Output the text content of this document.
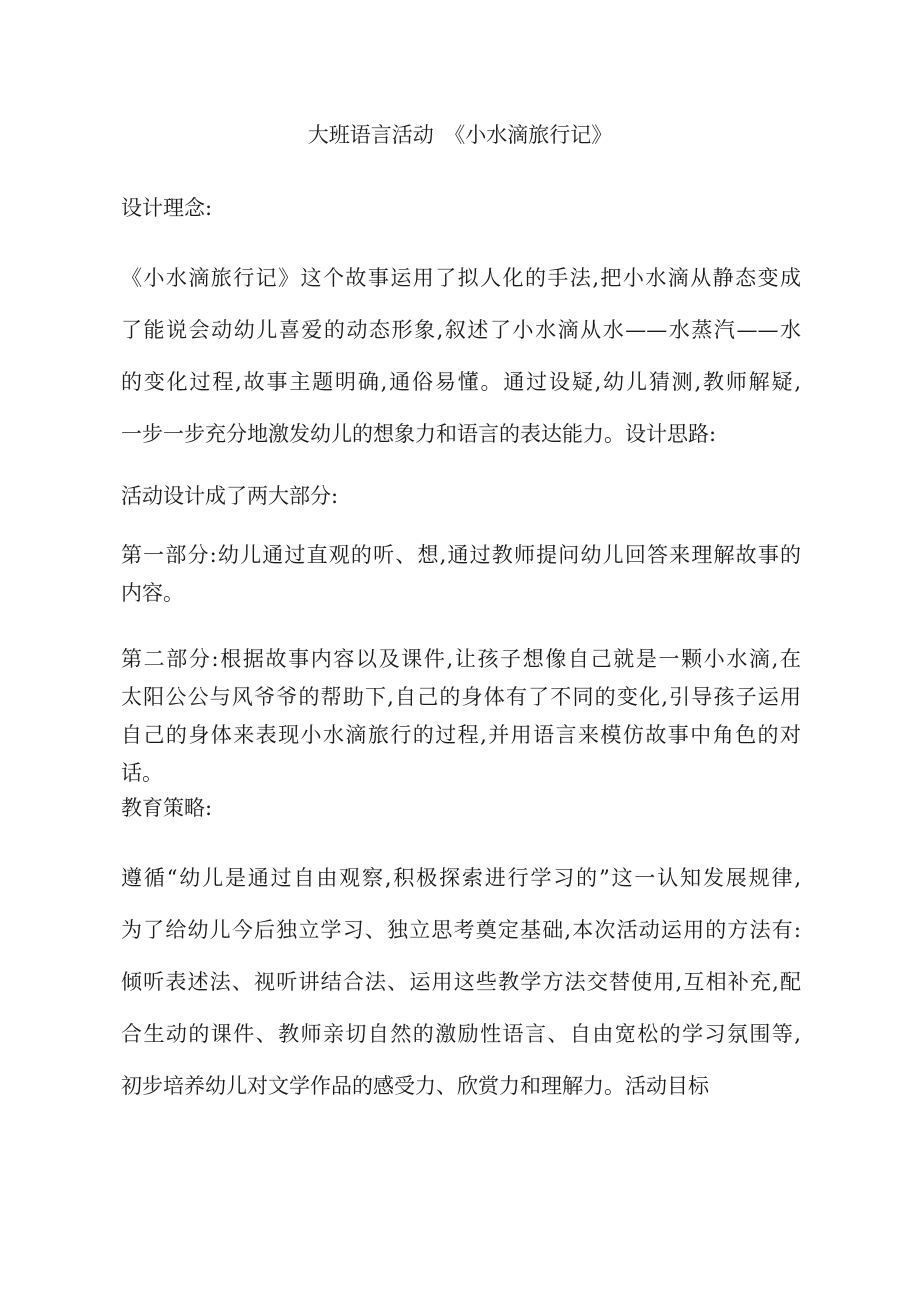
大班语言活动　《小水滴旅行记》
设计理念:
《小水滴旅行记》这个故事运用了拟人化的手法,把小水滴从静态变成
了能说会动幼儿喜爱的动态形象,叙述了小水滴从水——水蒸汽——水
的变化过程,故事主题明确,通俗易懂。通过设疑,幼儿猜测,教师解疑,
一步一步充分地激发幼儿的想象力和语言的表达能力。设计思路:
活动设计成了两大部分:
第一部分:幼儿通过直观的听、想,通过教师提问幼儿回答来理解故事的
内容。
第二部分:根据故事内容以及课件,让孩子想像自己就是一颗小水滴,在
太阳公公与风爷爷的帮助下,自己的身体有了不同的变化,引导孩子运用
自己的身体来表现小水滴旅行的过程,并用语言来模仿故事中角色的对
话。
教育策略:
遵循“幼儿是通过自由观察,积极探索进行学习的”这一认知发展规律,
为了给幼儿今后独立学习、独立思考奠定基础,本次活动运用的方法有:
倾听表述法、视听讲结合法、运用这些教学方法交替使用,互相补充,配
合生动的课件、教师亲切自然的激励性语言、自由宽松的学习氛围等,
初步培养幼儿对文学作品的感受力、欣赏力和理解力。活动目标
